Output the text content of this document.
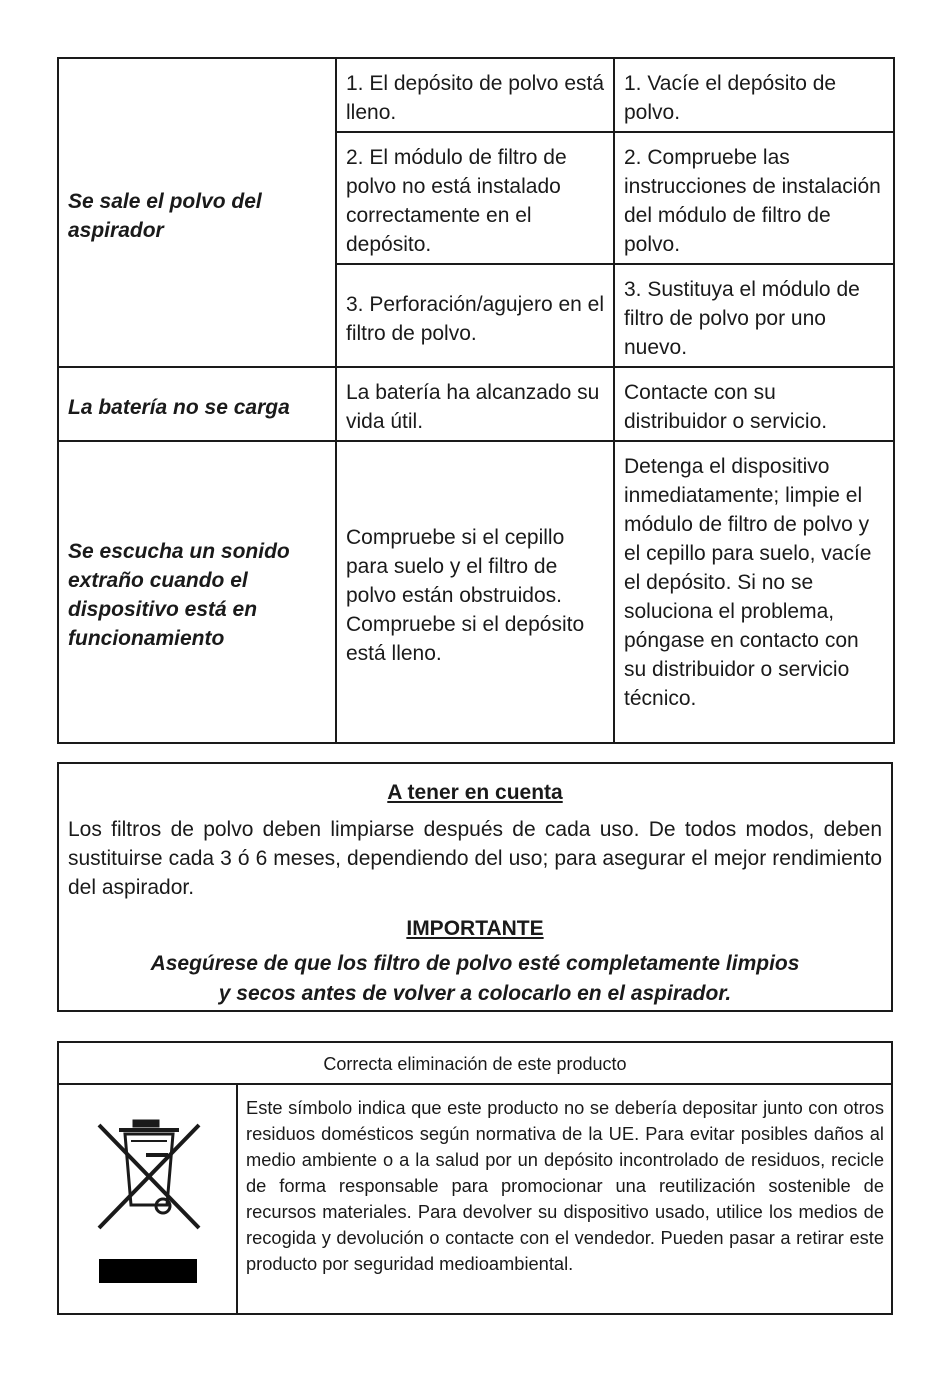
Se sale el polvo del aspirador	1. El depósito de polvo está lleno.	1. Vacíe el depósito de polvo.
	2. El módulo de filtro de polvo no está instalado correctamente en el depósito.	2. Compruebe las instrucciones de instalación del módulo de filtro de polvo.
	3. Perforación/agujero en el filtro de polvo.	3. Sustituya el módulo de filtro de polvo por uno nuevo.
La batería no se carga	La batería ha alcanzado su vida útil.	Contacte con su distribuidor o servicio.
Se escucha un sonido extraño cuando el dispositivo está en funcionamiento	Compruebe si el cepillo para suelo y el filtro de polvo están obstruidos. Compruebe si el depósito está lleno.	Detenga el dispositivo inmediatamente; limpie el módulo de filtro de polvo y el cepillo para suelo, vacíe el depósito. Si no se soluciona el problema, póngase en contacto con su distribuidor o servicio técnico.
A tener en cuenta
Los filtros de polvo deben limpiarse después de cada uso. De todos modos, deben sustituirse cada 3 ó 6 meses, dependiendo del uso; para asegurar el mejor rendimiento del aspirador.
IMPORTANTE
Asegúrese de que los filtro de polvo esté completamente limpios
y secos antes de volver a colocarlo en el aspirador.
Correcta eliminación de este producto
Este símbolo indica que este producto no se debería depositar junto con otros residuos domésticos según normativa de la UE. Para evitar posibles daños al medio ambiente o a la salud por un depósito incontrolado de residuos, recicle de forma responsable para promocionar una reutilización sostenible de recursos materiales. Para devolver su dispositivo usado, utilice los medios de recogida y devolución o contacte con el vendedor. Pueden pasar a retirar este producto por seguridad medioambiental.
